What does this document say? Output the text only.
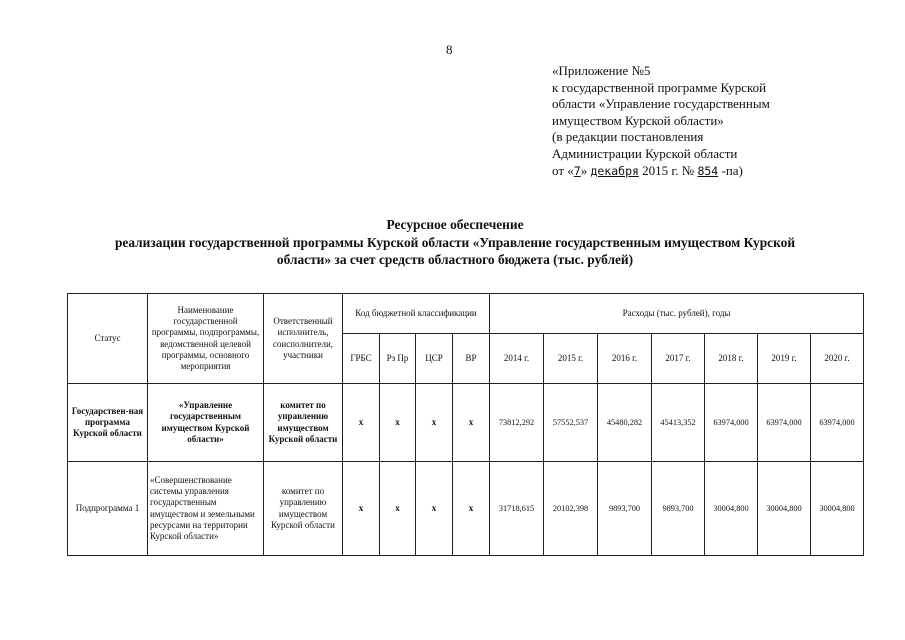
8
«Приложение №5
к государственной программе Курской
области «Управление государственным
имуществом Курской области»
(в редакции постановления
Администрации Курской области
от «7» декабря 2015 г. № 854 -па)
Ресурсное обеспечение
реализации государственной программы Курской области «Управление государственным имуществом Курской
области» за счет средств областного бюджета (тыс. рублей)
Статус	Наименование государственной программы, подпрограммы, ведомственной целевой программы, основного мероприятия	Ответственный исполнитель, соисполнители, участники	Код бюджетной классификации				Расходы (тыс. рублей), годы						
			ГРБС	Рз Пр	ЦСР	ВР	2014 г.	2015 г.	2016 г.	2017 г.	2018 г.	2019 г.	2020 г.
Государствен-ная программа Курской области	«Управление государственным имуществом Курской области»	комитет по управлению имуществом Курской области	х	х	х	х	73812,292	57552,537	45480,282	45413,352	63974,000	63974,000	63974,000
Подпрограмма 1	«Совершенствование системы управления государственным имуществом и земельными ресурсами на территории Курской области»	комитет по управлению имуществом Курской области	х	х	х	х	31718,615	20102,398	9893,700	9893,700	30004,800	30004,800	30004,800
